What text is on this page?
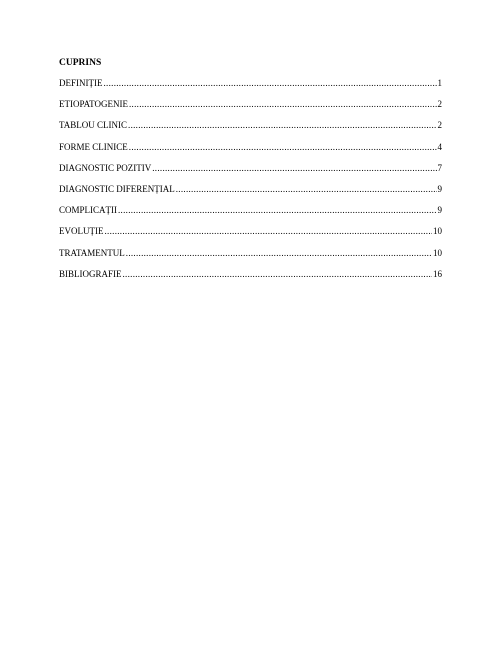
CUPRINS
DEFINIȚIE .....	1
ETIOPATOGENIE .....	2
TABLOU CLINIC .....	2
FORME CLINICE .....	4
DIAGNOSTIC POZITIV .....	7
DIAGNOSTIC DIFERENȚIAL .....	9
COMPLICAȚII .....	9
EVOLUȚIE .....	10
TRATAMENTUL .....	10
BIBLIOGRAFIE .....	16
